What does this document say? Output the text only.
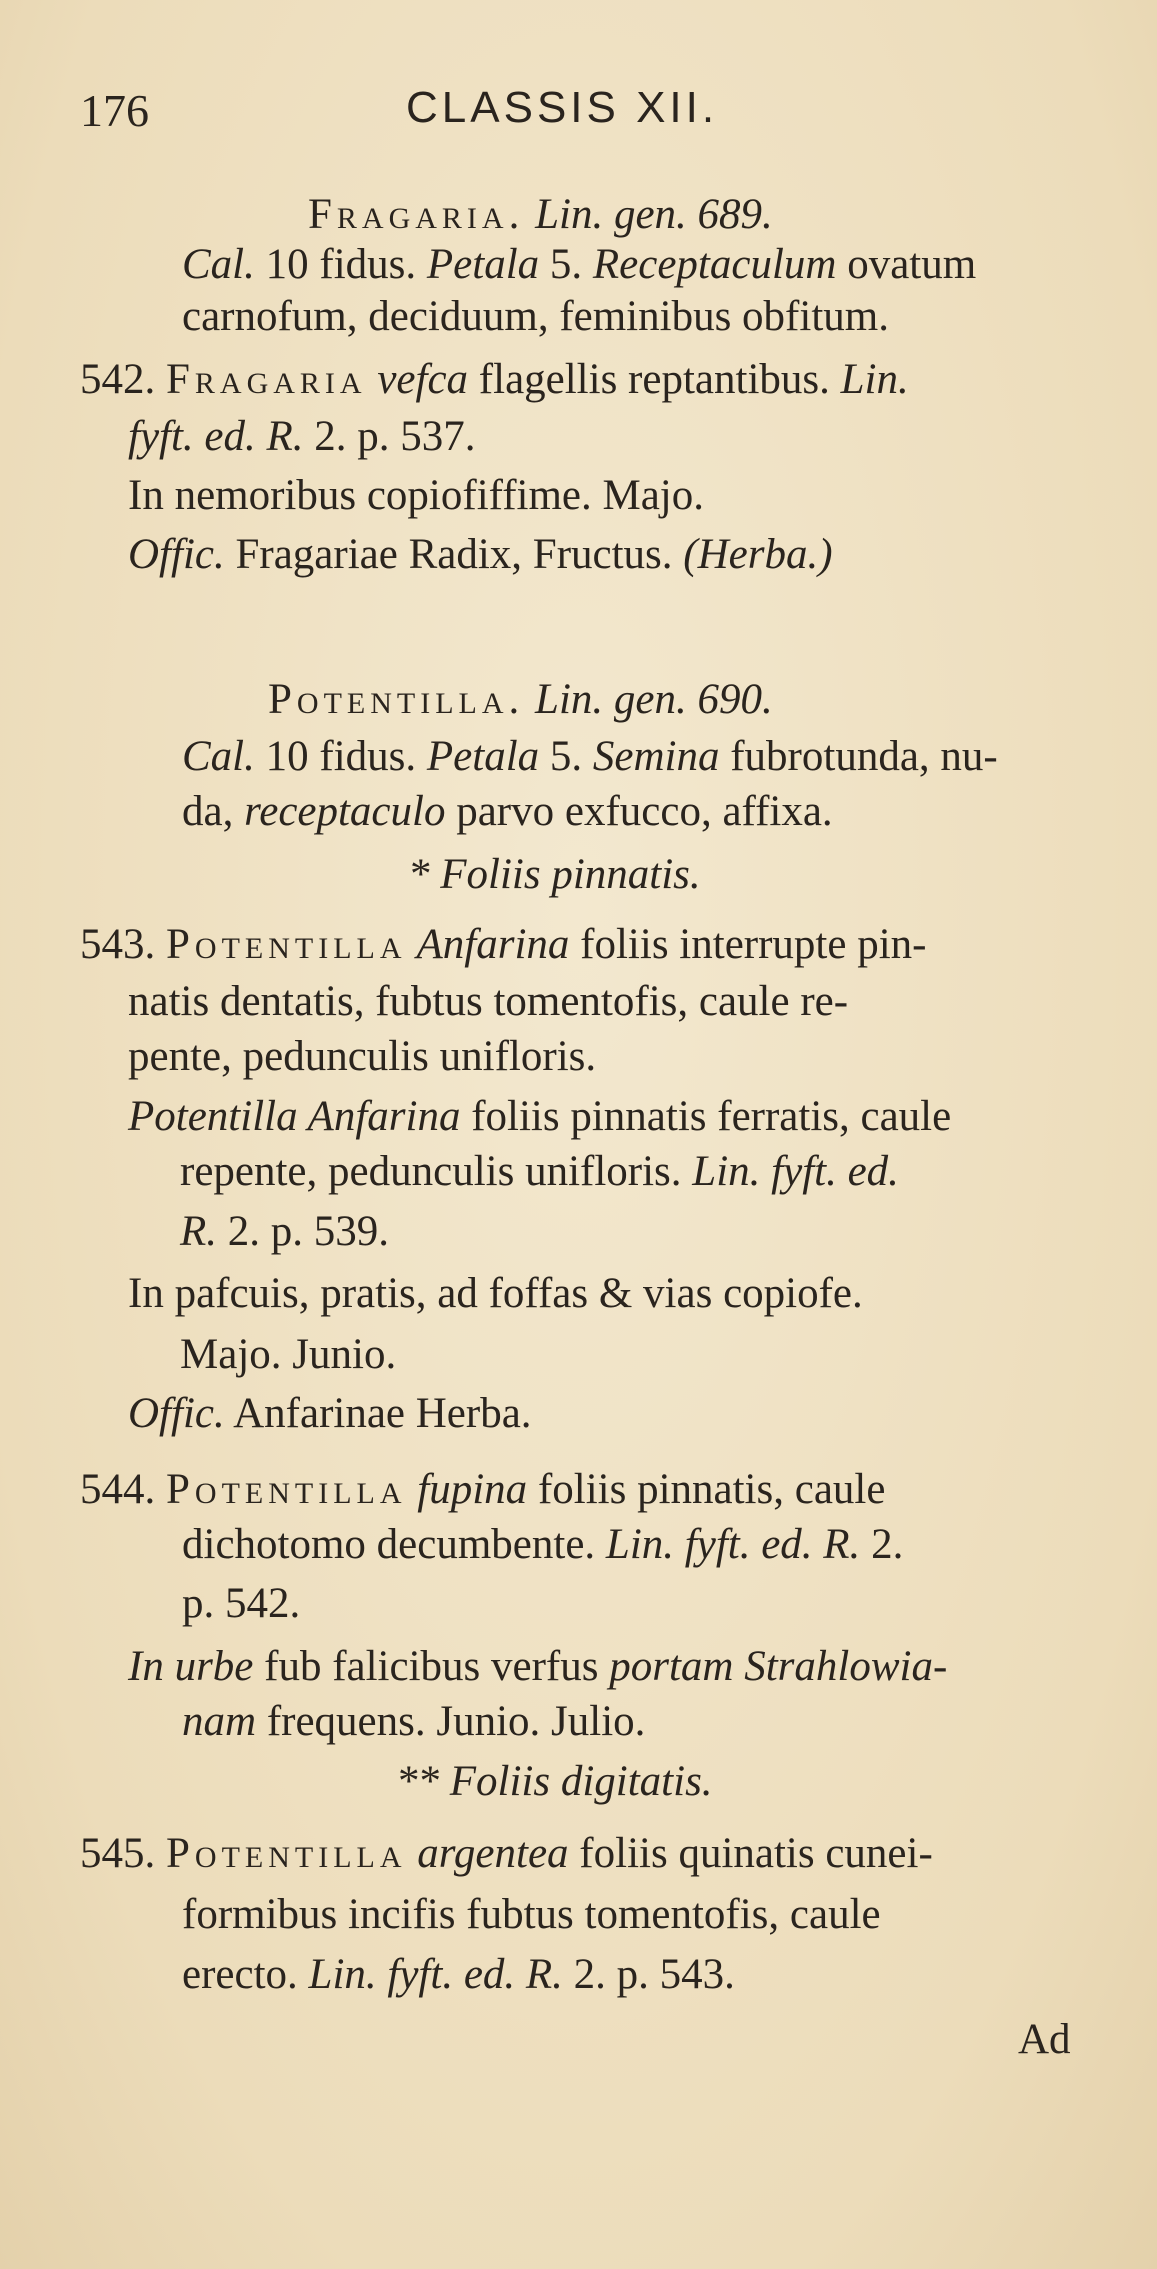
176	CLASSIS XII.
Fragaria. Lin. gen. 689.
Cal. 10 fidus. Petala 5. Receptaculum ovatum
carnofum, deciduum, feminibus obfitum.
542. Fragaria vefca flagellis reptantibus. Lin.
fyft. ed. R. 2. p. 537.
In nemoribus copiofiffime. Majo.
Offic. Fragariae Radix, Fructus. (Herba.)
Potentilla. Lin. gen. 690.
Cal. 10 fidus. Petala 5. Semina fubrotunda, nu-
da, receptaculo parvo exfucco, affixa.
* Foliis pinnatis.
543. Potentilla Anfarina foliis interrupte pin-
natis dentatis, fubtus tomentofis, caule re-
pente, pedunculis unifloris.
Potentilla Anfarina foliis pinnatis ferratis, caule
repente, pedunculis unifloris. Lin. fyft. ed.
R. 2. p. 539.
In pafcuis, pratis, ad foffas & vias copiofe.
Majo. Junio.
Offic. Anfarinae Herba.
544. Potentilla fupina foliis pinnatis, caule
dichotomo decumbente. Lin. fyft. ed. R. 2.
p. 542.
In urbe fub falicibus verfus portam Strahlowia-
nam frequens. Junio. Julio.
** Foliis digitatis.
545. Potentilla argentea foliis quinatis cunei-
formibus incifis fubtus tomentofis, caule
erecto. Lin. fyft. ed. R. 2. p. 543.
Ad
